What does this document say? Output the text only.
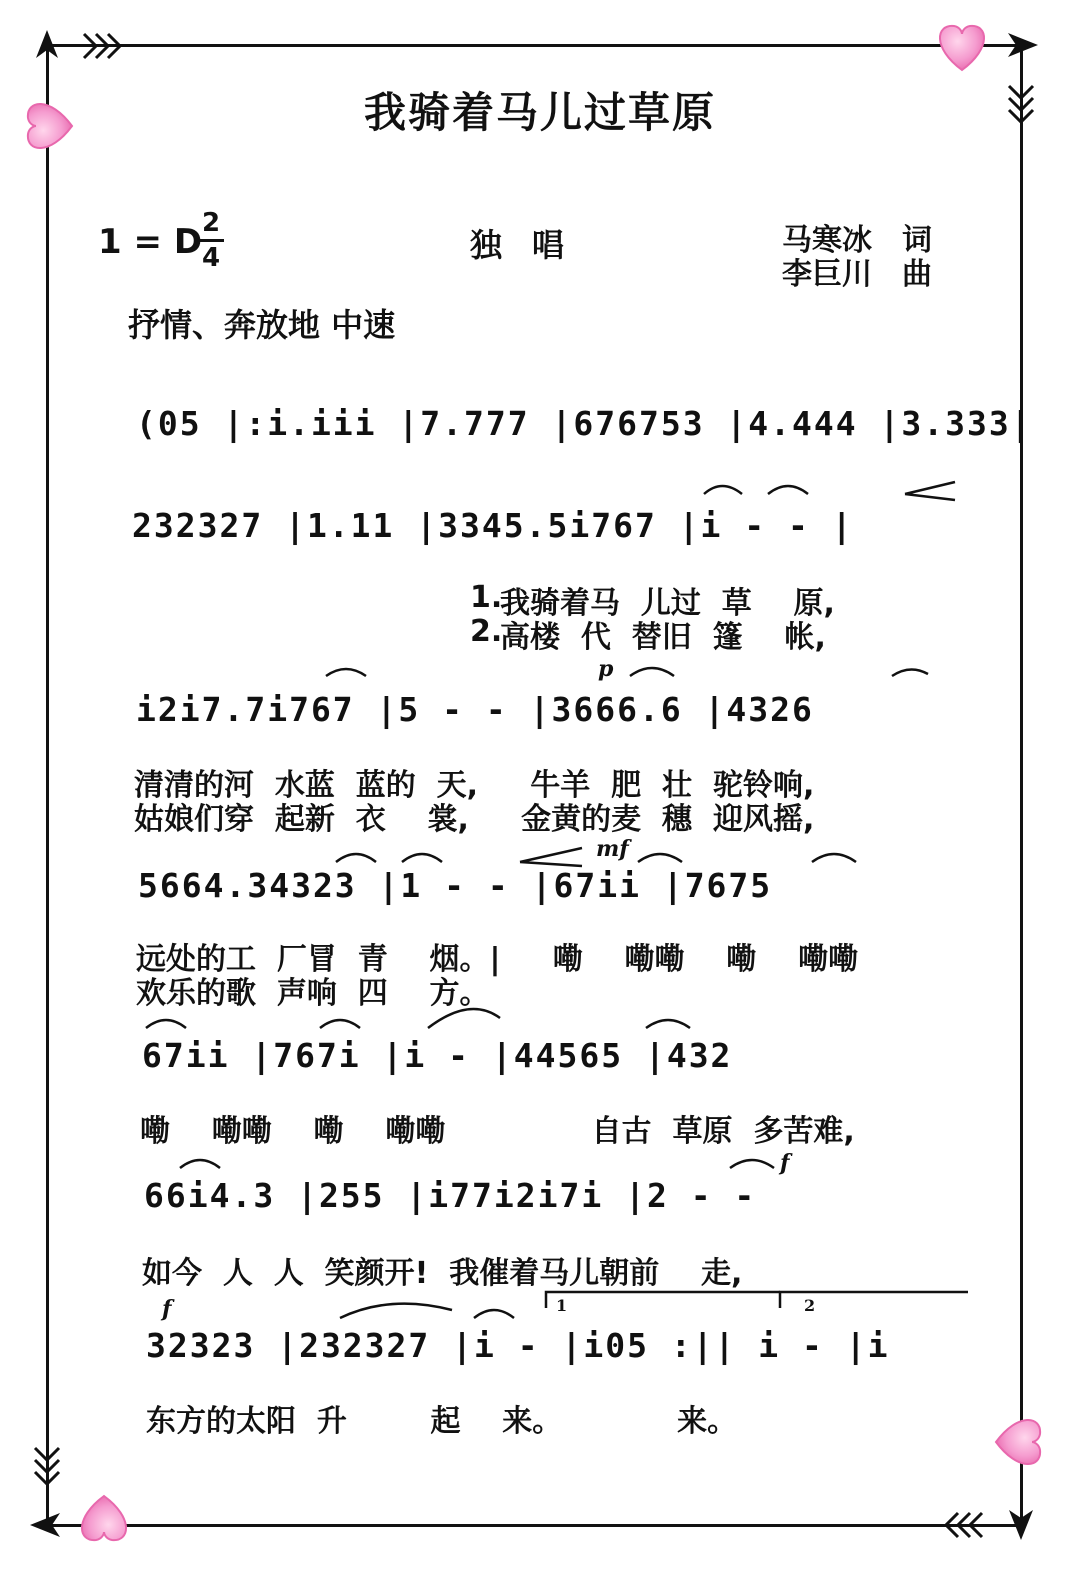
我骑着马儿过草原
1 = D 2
4	独唱	马寒冰 词
李巨川 曲
抒情、奔放地 中速
(05 |:i.iii |7.777 |676753 |4.444 |3.333|
232327 |1.11 |3345.5i767 |i - - |
i2i7.7i767 |5 - - |3666.6 |4326
5664.34323 |1 - - |67ii |7675
67ii |767i |i - |44565 |432
66i4.3 |255 |i77i2i7i |2 - -
32323 |232327 |i - |i05 :|| i - |i
p
mf
f
f	1	2
1.
2.
我骑着马  儿过  草    原,
高楼  代  替旧  篷    帐,
清清的河  水蓝  蓝的  天,     牛羊  肥  壮  驼铃响,
姑娘们穿  起新  衣    裳,     金黄的麦  穗  迎风摇,
远处的工  厂冒  青    烟。|     嘞    嘞嘞    嘞    嘞嘞
欢乐的歌  声响  四    方。
嘞    嘞嘞    嘞    嘞嘞              自古  草原  多苦难,
如今  人  人  笑颜开!  我催着马儿朝前    走,
东方的太阳  升        起    来。           来。
